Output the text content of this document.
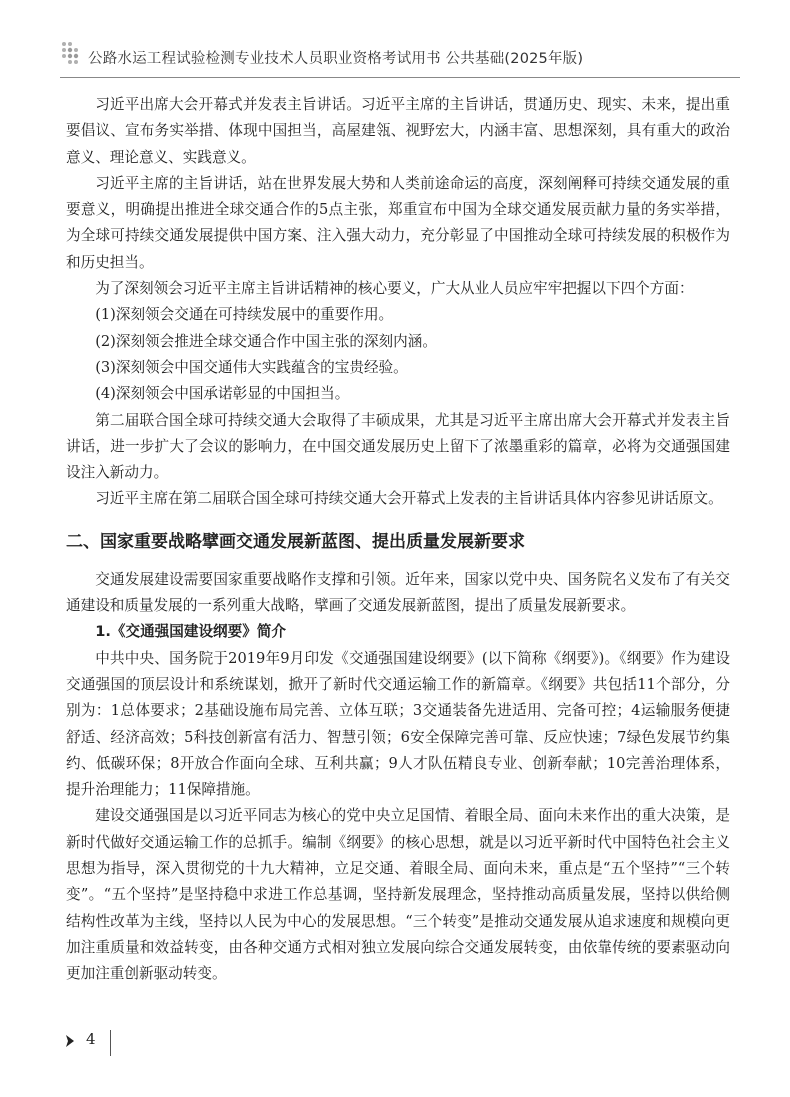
公路水运工程试验检测专业技术人员职业资格考试用书 公共基础(2025年版)

习近平出席大会开幕式并发表主旨讲话。习近平主席的主旨讲话，贯通历史、现实、未来，提出重要倡议、宣布务实举措、体现中国担当，高屋建瓴、视野宏大，内涵丰富、思想深刻，具有重大的政治意义、理论意义、实践意义。

习近平主席的主旨讲话，站在世界发展大势和人类前途命运的高度，深刻阐释可持续交通发展的重要意义，明确提出推进全球交通合作的5点主张，郑重宣布中国为全球交通发展贡献力量的务实举措，为全球可持续交通发展提供中国方案、注入强大动力，充分彰显了中国推动全球可持续发展的积极作为和历史担当。

为了深刻领会习近平主席主旨讲话精神的核心要义，广大从业人员应牢牢把握以下四个方面：

(1)深刻领会交通在可持续发展中的重要作用。

(2)深刻领会推进全球交通合作中国主张的深刻内涵。

(3)深刻领会中国交通伟大实践蕴含的宝贵经验。

(4)深刻领会中国承诺彰显的中国担当。

第二届联合国全球可持续交通大会取得了丰硕成果，尤其是习近平主席出席大会开幕式并发表主旨讲话，进一步扩大了会议的影响力，在中国交通发展历史上留下了浓墨重彩的篇章，必将为交通强国建设注入新动力。

习近平主席在第二届联合国全球可持续交通大会开幕式上发表的主旨讲话具体内容参见讲话原文。

二、国家重要战略擘画交通发展新蓝图、提出质量发展新要求

交通发展建设需要国家重要战略作支撑和引领。近年来，国家以党中央、国务院名义发布了有关交通建设和质量发展的一系列重大战略，擘画了交通发展新蓝图，提出了质量发展新要求。

1.《交通强国建设纲要》简介

中共中央、国务院于2019年9月印发《交通强国建设纲要》(以下简称《纲要》)。《纲要》作为建设交通强国的顶层设计和系统谋划，掀开了新时代交通运输工作的新篇章。《纲要》共包括11个部分，分别为：1总体要求；2基础设施布局完善、立体互联；3交通装备先进适用、完备可控；4运输服务便捷舒适、经济高效；5科技创新富有活力、智慧引领；6安全保障完善可靠、反应快速；7绿色发展节约集约、低碳环保；8开放合作面向全球、互利共赢；9人才队伍精良专业、创新奉献；10完善治理体系，提升治理能力；11保障措施。

建设交通强国是以习近平同志为核心的党中央立足国情、着眼全局、面向未来作出的重大决策，是新时代做好交通运输工作的总抓手。编制《纲要》的核心思想，就是以习近平新时代中国特色社会主义思想为指导，深入贯彻党的十九大精神，立足交通、着眼全局、面向未来，重点是“五个坚持”“三个转变”。“五个坚持”是坚持稳中求进工作总基调，坚持新发展理念，坚持推动高质量发展，坚持以供给侧结构性改革为主线，坚持以人民为中心的发展思想。“三个转变”是推动交通发展从追求速度和规模向更加注重质量和效益转变，由各种交通方式相对独立发展向综合交通发展转变，由依靠传统的要素驱动向更加注重创新驱动转变。

4
